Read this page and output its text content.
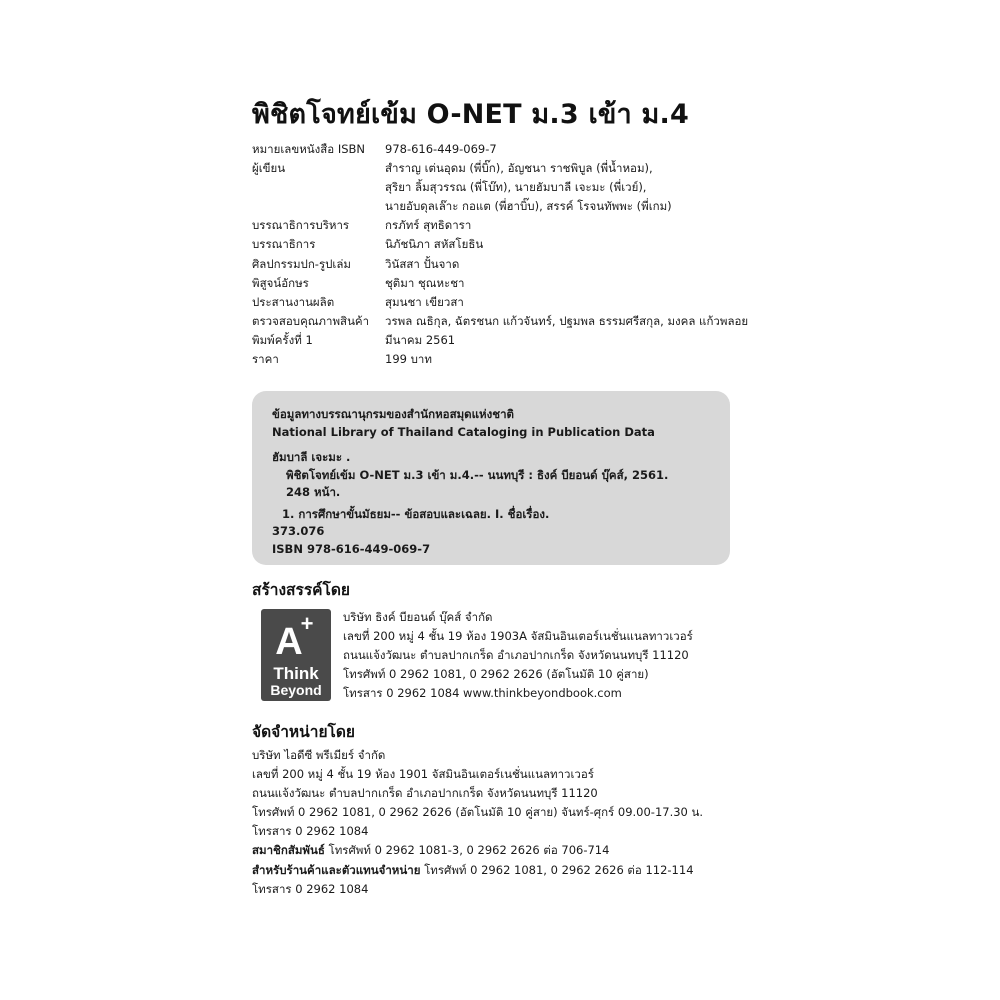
พิชิตโจทย์เข้ม O-NET ม.3 เข้า ม.4
หมายเลขหนังสือ ISBN	978-616-449-069-7
ผู้เขียน	สำราญ เต่นอุดม (พี่บิ๊ก), อัญชนา ราชพิบูล (พี่น้ำหอม),
สุริยา ลิ้มสุวรรณ (พี่โบ๊ท), นายฮัมบาลี เจะมะ (พี่เวย์),
นายอับดุลเล๊าะ กอแต (พี่ฮาบิ๊บ), สรรค์ โรจนทัพพะ (พี่เกม)
บรรณาธิการบริหาร	กรภัทร์ สุทธิดารา
บรรณาธิการ	นิภัชนิภา สหัสโยธิน
ศิลปกรรมปก-รูปเล่ม	วินัสสา ปั้นจาด
พิสูจน์อักษร	ชุติมา ชุณหะชา
ประสานงานผลิต	สุมนชา เขียวสา
ตรวจสอบคุณภาพสินค้า	วรพล ณธิกุล, ฉัตรชนก แก้วจันทร์, ปฐมพล ธรรมศรีสกุล, มงคล แก้วพลอย
พิมพ์ครั้งที่ 1	มีนาคม 2561
ราคา	199 บาท
ข้อมูลทางบรรณานุกรมของสำนักหอสมุดแห่งชาติ
National Library of Thailand Cataloging in Publication Data
ฮัมบาลี เจะมะ .
พิชิตโจทย์เข้ม O-NET ม.3 เข้า ม.4.-- นนทบุรี : ธิงค์ บียอนด์ บุ๊คส์, 2561.
248 หน้า.
1. การศึกษาขั้นมัธยม-- ข้อสอบและเฉลย. I. ชื่อเรื่อง.
373.076
ISBN 978-616-449-069-7
สร้างสรรค์โดย
A
+
Think
Beyond
บริษัท ธิงค์ บียอนด์ บุ๊คส์ จำกัด
เลขที่ 200 หมู่ 4 ชั้น 19 ห้อง 1903A จัสมินอินเตอร์เนชั่นแนลทาวเวอร์
ถนนแจ้งวัฒนะ ตำบลปากเกร็ด อำเภอปากเกร็ด จังหวัดนนทบุรี 11120
โทรศัพท์ 0 2962 1081, 0 2962 2626 (อัตโนมัติ 10 คู่สาย)
โทรสาร 0 2962 1084 www.thinkbeyondbook.com
จัดจำหน่ายโดย
บริษัท ไอดีซี พรีเมียร์ จำกัด
เลขที่ 200 หมู่ 4 ชั้น 19 ห้อง 1901 จัสมินอินเตอร์เนชั่นแนลทาวเวอร์
ถนนแจ้งวัฒนะ ตำบลปากเกร็ด อำเภอปากเกร็ด จังหวัดนนทบุรี 11120
โทรศัพท์ 0 2962 1081, 0 2962 2626 (อัตโนมัติ 10 คู่สาย) จันทร์-ศุกร์ 09.00-17.30 น.
โทรสาร 0 2962 1084
สมาชิกสัมพันธ์ โทรศัพท์ 0 2962 1081-3, 0 2962 2626 ต่อ 706-714
สำหรับร้านค้าและตัวแทนจำหน่าย โทรศัพท์ 0 2962 1081, 0 2962 2626 ต่อ 112-114
โทรสาร 0 2962 1084
